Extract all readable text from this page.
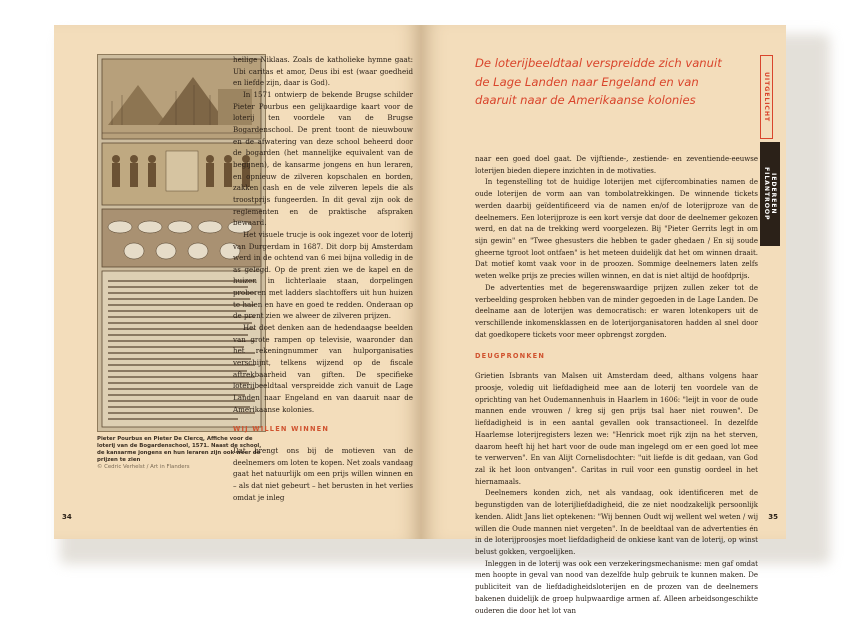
Pieter Pourbus en Pieter De Clercq, Affiche voor de loterij van de Bogardenschool, 1571. Naast de school, de kansarme jongens en hun leraren zijn ook weer de prijzen te zien
© Cedric Verhelst / Art in Flanders

heilige Niklaas. Zoals de katholieke hymne gaat: Ubi caritas et amor, Deus ibi est (waar goedheid en liefde zijn, daar is God).

In 1571 ontwierp de bekende Brugse schilder Pieter Pourbus een gelijkaardige kaart voor de loterij ten voordele van de Brugse Bogardenschool. De prent toont de nieuwbouw en de afwatering van deze school beheerd door de bogarden (het mannelijke equivalent van de begijnen), de kansarme jongens en hun leraren, en opnieuw de zilveren kopschalen en borden, zakken cash en de vele zilveren lepels die als troostprijs fungeerden. In dit geval zijn ook de reglementen en de praktische afspraken bewaard.

Het visuele trucje is ook ingezet voor de loterij van Durgerdam in 1687. Dit dorp bij Amsterdam werd in de ochtend van 6 mei bijna volledig in de as gelegd. Op de prent zien we de kapel en de huizen in lichterlaaie staan, dorpelingen proberen met ladders slachtoffers uit hun huizen te halen en have en goed te redden. Onderaan op de prent zien we alweer de zilveren prijzen.

Het doet denken aan de hedendaagse beelden van grote rampen op televisie, waaronder dan het rekeningnummer van hulporganisaties verschijnt, telkens wijzend op de fiscale aftrekbaarheid van giften. De specifieke loterijbeeldtaal verspreidde zich vanuit de Lage Landen naar Engeland en van daaruit naar de Amerikaanse kolonies.

WIJ WILLEN WINNEN

Dat brengt ons bij de motieven van de deelnemers om loten te kopen. Net zoals vandaag gaat het natuurlijk om een prijs willen winnen en – als dat niet gebeurt – het berusten in het verlies omdat je inleg

34
De loterijbeeldtaal verspreidde zich vanuit de Lage Landen naar Engeland en van daaruit naar de Amerikaanse kolonies

naar een goed doel gaat. De vijftiende-, zestiende- en zeventiende-eeuwse loterijen bieden diepere inzichten in de motivaties.

In tegenstelling tot de huidige loterijen met cijfercombinaties namen de oude loterijen de vorm aan van tombolatrekkingen. De winnende tickets werden daarbij geïdentificeerd via de namen en/of de loterijproze van de deelnemers. Een loterijproze is een kort versje dat door de deelnemer gekozen werd, en dat na de trekking werd voorgelezen. Bij "Pieter Gerrits legt in om sijn gewin" en "Twee ghesusters die hebben te gader ghedaen / En sij soude gheerne tgroot loot ontfaen" is het meteen duidelijk dat het om winnen draait. Dat motief komt vaak voor in de proozen. Sommige deelnemers laten zelfs weten welke prijs ze precies willen winnen, en dat is niet altijd de hoofdprijs.

De advertenties met de begerenswaardige prijzen zullen zeker tot de verbeelding gesproken hebben van de minder gegoeden in de Lage Landen. De deelname aan de loterijen was democratisch: er waren lotenkopers uit de verschillende inkomensklassen en de loterijorganisatoren hadden al snel door dat goedkopere tickets voor meer opbrengst zorgden.

DEUGPRONKEN

Grietien Isbrants van Malsen uit Amsterdam deed, althans volgens haar proosje, voledig uit liefdadigheid mee aan de loterij ten voordele van de oprichting van het Oudemannenhuis in Haarlem in 1606: "leijt in voor de oude mannen ende vrouwen / kreg sij gen prijs tsal haer niet rouwen". De liefdadigheid is in een aantal gevallen ook transactioneel. In dezelfde Haarlemse loterijregisters lezen we: "Henrick moet rijk zijn na het sterven, daarom heeft hij het hart voor de oude man ingelegd om er een goed lot mee te verwerven". En van Alijt Cornelisdochter: "uit liefde is dit gedaan, van God zal ik het loon ontvangen". Caritas in ruil voor een gunstig oordeel in het hiernamaals.

Deelnemers konden zich, net als vandaag, ook identificeren met de begunstigden van de loterijliefdadigheid, die ze niet noodzakelijk persoonlijk kenden. Alidt Jans liet optekenen: "Wij bennen Oudt wij wellent wel weten / wij willen die Oude mannen niet vergeten". In de beeldtaal van de advertenties én in de loterijproosjes moet liefdadigheid de onkiese kant van de loterij, op winst belust gokken, vergoelijken.

Inleggen in de loterij was ook een verzekeringsmechanisme: men gaf omdat men hoopte in geval van nood van dezelfde hulp gebruik te kunnen maken. De publiciteit van de liefdadigheidsloterijen en de prozen van de deelnemers bakenen duidelijk de groep hulpwaardige armen af. Alleen arbeidsongeschikte ouderen die door het lot van

UITGELICHT
IEDEREEN FILANTROOP
35
